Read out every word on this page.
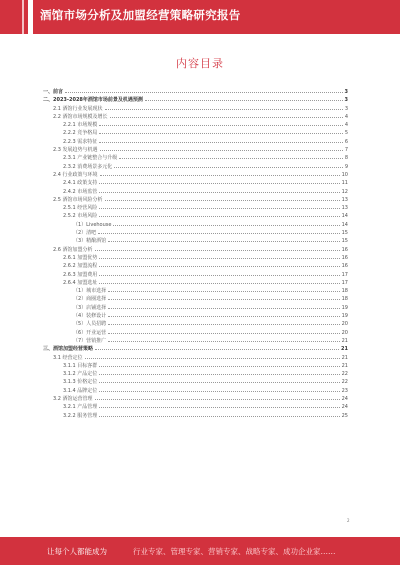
酒馆市场分析及加盟经营策略研究报告
内容目录
一、前言	3
二、2023-2028年酒馆市场前景及机遇预测	3
2.1 酒馆行业发展现状	3
2.2 酒馆市场规模及增长	4
2.2.1 市场规模	4
2.2.2 竞争格局	5
2.2.3 需求特征	6
2.3 发展趋势与机遇	7
2.3.1 产业链整合与升级	8
2.3.2 消费场景多元化	9
2.4 行业政策与环境	10
2.4.1 政策支持	11
2.4.2 市场监管	12
2.5 酒馆市场风险分析	13
2.5.1 经营风险	13
2.5.2 市场风险	14
（1）Livehouse	14
（2）清吧	15
（3）精酿酒馆	15
2.6 酒馆加盟分析	16
2.6.1 加盟优势	16
2.6.2 加盟流程	16
2.6.3 加盟费用	17
2.6.4 加盟选址	17
（1）城市选择	18
（2）商圈选择	18
（3）店铺选择	19
（4）装修设计	19
（5）人员招聘	20
（6）开业运营	20
（7）营销推广	21
三、酒馆加盟经营策略	21
3.1 经营定位	21
3.1.1 目标客群	21
3.1.2 产品定位	22
3.1.3 价格定位	22
3.1.4 品牌定位	23
3.2 酒馆运营管理	24
3.2.1 产品管理	24
3.2.2 服务管理	25
2
让每个人都能成为	行业专家、管理专家、营销专家、战略专家、成功企业家……
